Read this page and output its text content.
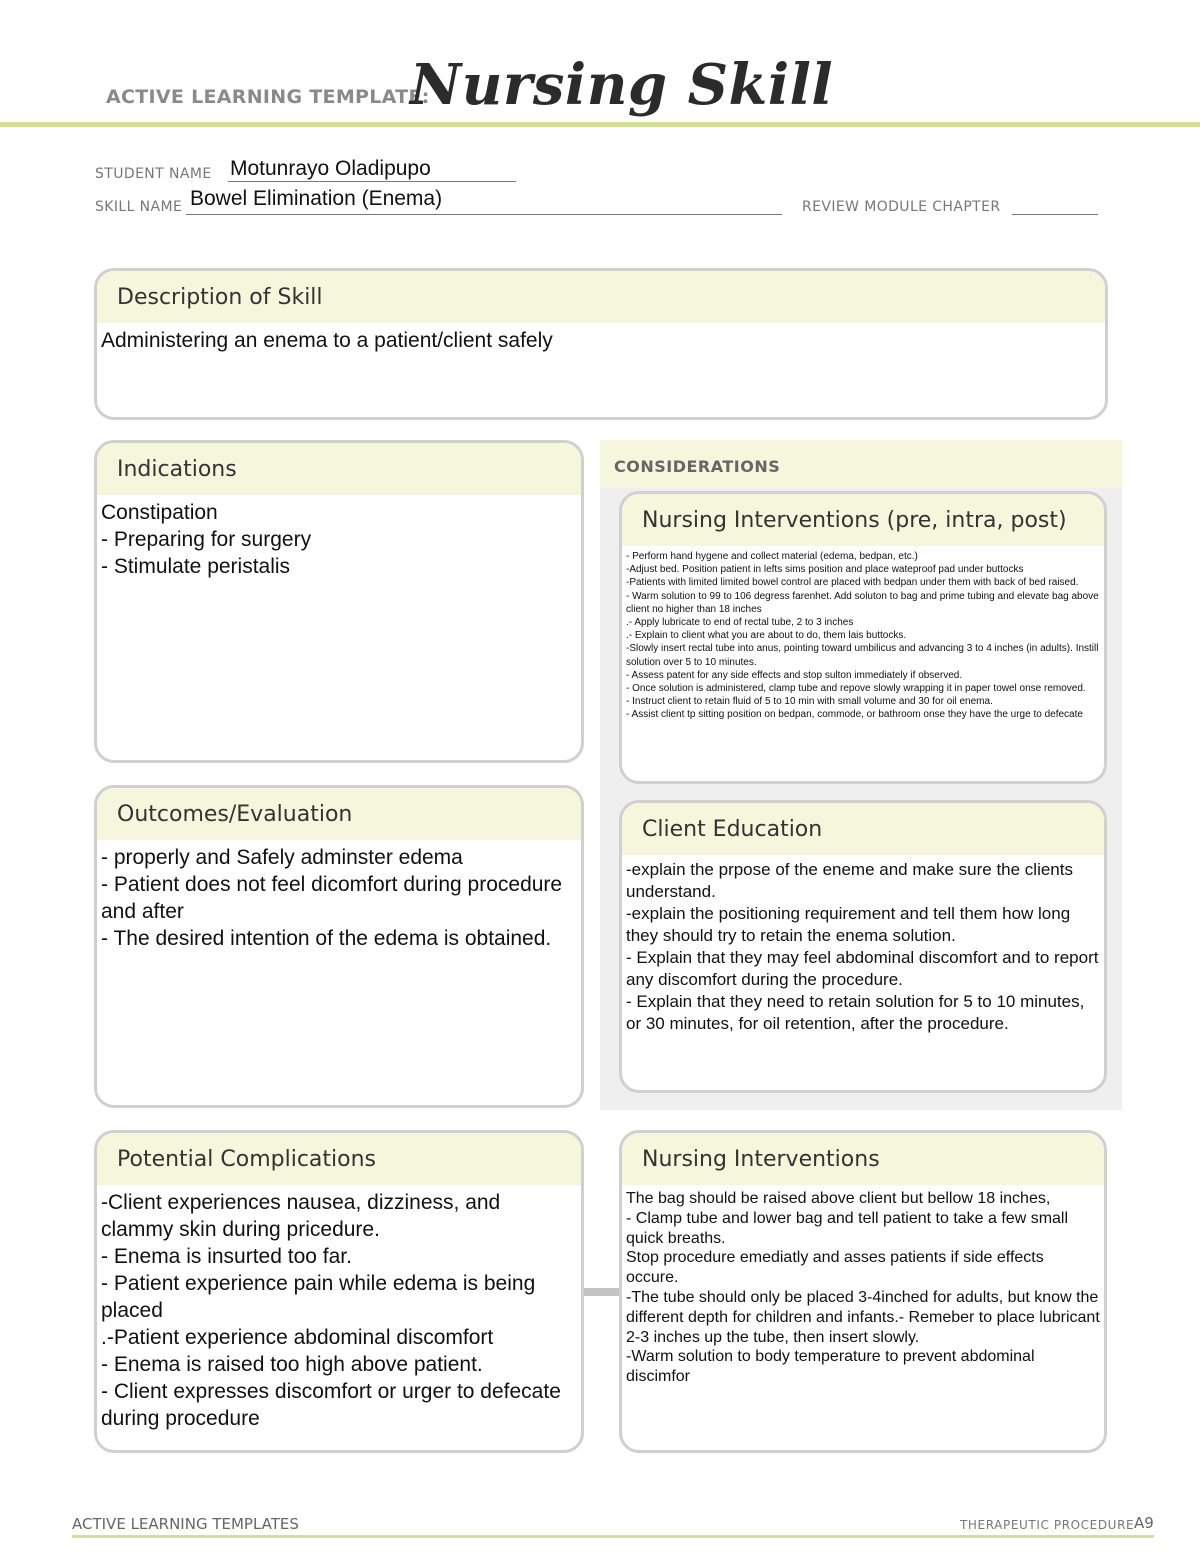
ACTIVE LEARNING TEMPLATE:
Nursing Skill
STUDENT NAME Motunrayo Oladipupo
SKILL NAME Bowel Elimination (Enema)	REVIEW MODULE CHAPTER
Description of Skill
Administering an enema to a patient/client safely
CONSIDERATIONS
Indications
Constipation
- Preparing for surgery
- Stimulate peristalis
Nursing Interventions (pre, intra, post)
- Perform hand hygene and collect material (edema, bedpan, etc.)
-Adjust bed. Position patient in lefts sims position and place wateproof pad under buttocks
-Patients with limited limited bowel control are placed with bedpan under them with back of bed raised.
- Warm solution to 99 to 106 degress farenhet. Add soluton to bag and prime tubing and elevate bag above client no higher than 18 inches
.- Apply lubricate to end of rectal tube, 2 to 3 inches
.- Explain to client what you are about to do, them lais buttocks.
-Slowly insert rectal tube into anus, pointing toward umbilicus and advancing 3 to 4 inches (in adults). Instill solution over 5 to 10 minutes.
- Assess patent for any side effects and stop sulton immediately if observed.
- Once solution is administered, clamp tube and repove slowly wrapping it in paper towel onse removed.
- Instruct client to retain fluid of 5 to 10 min with small volume and 30 for oil enema.
- Assist client tp sitting position on bedpan, commode, or bathroom onse they have the urge to defecate
Outcomes/Evaluation
- properly and Safely adminster edema
- Patient does not feel dicomfort during procedure and after
- The desired intention of the edema is obtained.
Client Education
-explain the prpose of the eneme and make sure the clients understand.
-explain the positioning requirement and tell them how long they should try to retain the enema solution.
- Explain that they may feel abdominal discomfort and to report any discomfort during the procedure.
- Explain that they need to retain solution for 5 to 10 minutes, or 30 minutes, for oil retention, after the procedure.
Potential Complications
-Client experiences nausea, dizziness, and clammy skin during pricedure.
- Enema is insurted too far.
- Patient experience pain while edema is being placed
.-Patient experience abdominal discomfort
- Enema is raised too high above patient.
- Client expresses discomfort or urger to defecate during procedure
Nursing Interventions
The bag should be raised above client but bellow 18 inches,
- Clamp tube and lower bag and tell patient to take a few small quick breaths.
Stop procedure emediatly and asses patients if side effects occure.
-The tube should only be placed 3-4inched for adults, but know the different depth for children and infants.- Remeber to place lubricant 2-3 inches up the tube, then insert slowly.
-Warm solution to body temperature to prevent abdominal discimfor
ACTIVE LEARNING TEMPLATES	THERAPEUTIC PROCEDURE A9
